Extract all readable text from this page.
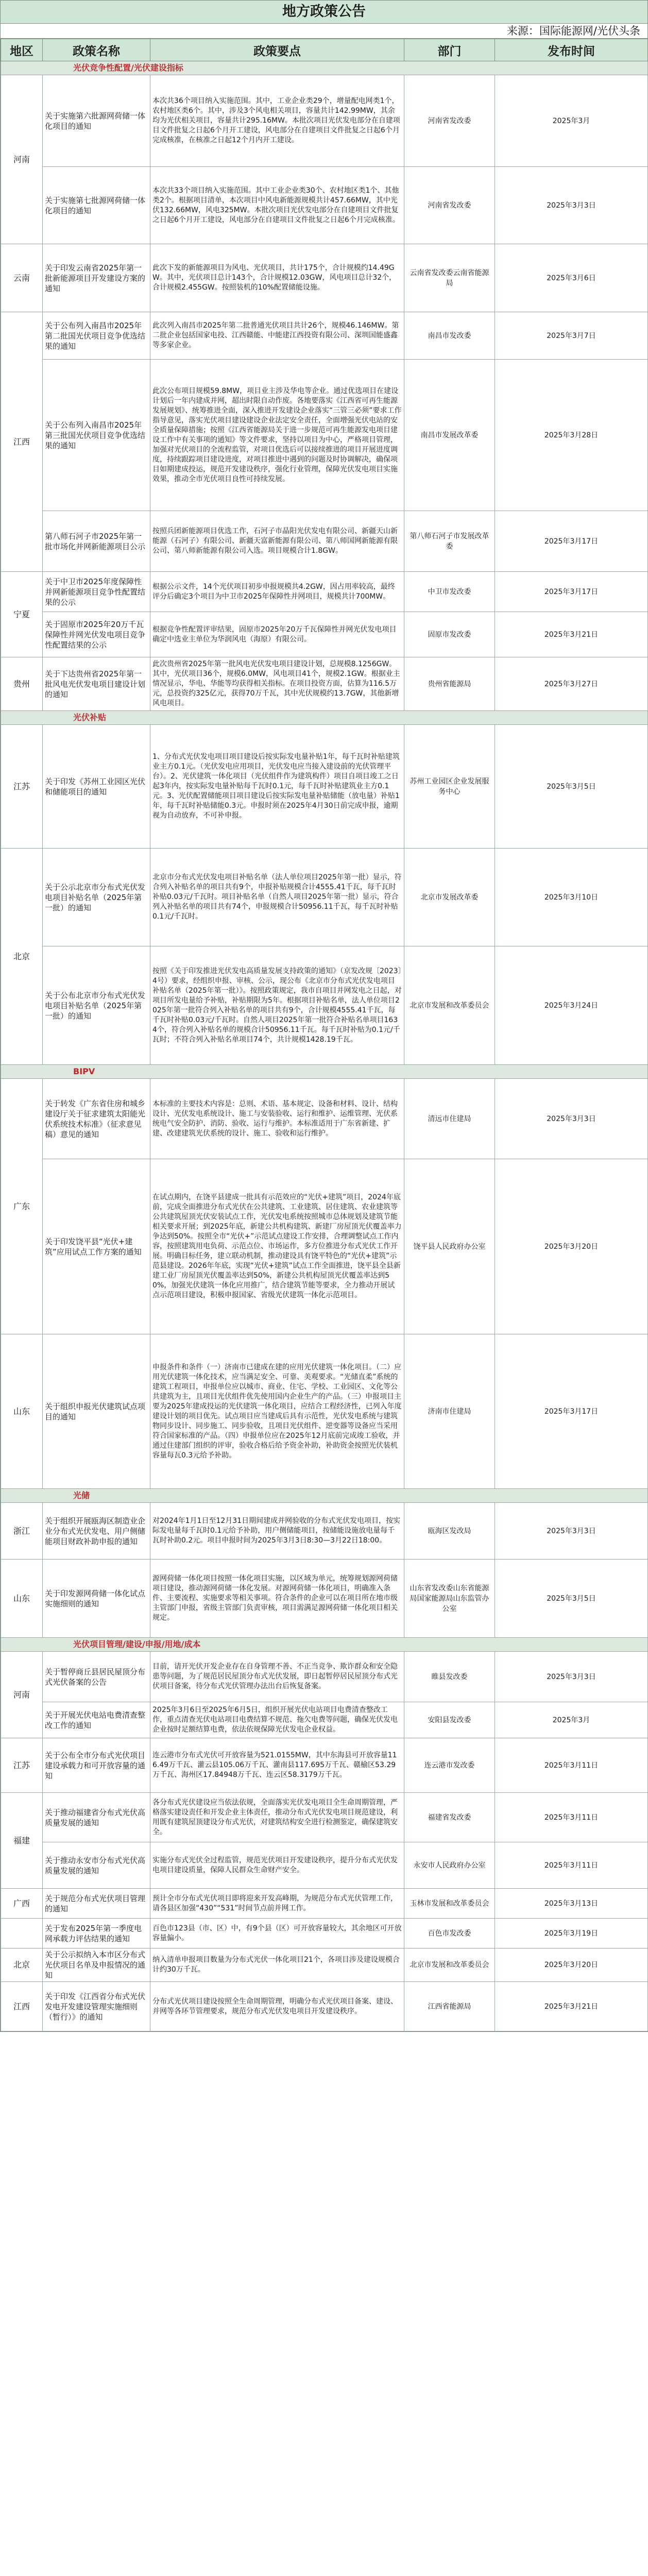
地方政策公告
来源：国际能源网/光伏头条
地区	政策名称	政策要点	部门	发布时间
光伏竞争性配置/光伏建设指标				
河南	关于实施第六批源网荷储一体化项目的通知	本次共36个项目纳入实施范围。其中，工业企业类29个，增量配电网类1个，农村地区类6个。其中，涉及3个风电相关项目，容量共计142.99MW，其余均为光伏相关项目，容量共计295.16MW。本批次项目光伏发电部分在自建项目文件批复之日起6个月开工建设，风电部分在自建项目文件批复之日起6个月完成核准，在核准之日起12个月内开工建设。	河南省发改委	2025年3月
	关于实施第七批源网荷储一体化项目的通知	本次共33个项目纳入实施范围。其中工业企业类30个、农村地区类1个、其他类2个。根据项目清单，本次项目中风电新能源规模共计457.66MW，其中光伏132.66MW，风电325MW。本批次项目光伏发电部分在自建项目文件批复之日起6个月开工建设，风电部分在自建项目文件批复之日起6个月完成核准。	河南省发改委	2025年3月3日
云南	关于印发云南省2025年第一批新能源项目开发建设方案的通知	此次下发的新能源项目为风电、光伏项目，共计175个，合计规模约14.49GW。其中，光伏项目总计143个，合计规模12.03GW，风电项目总计32个，合计规模2.455GW。按照装机的10%配置储能设施。	云南省发改委云南省能源局	2025年3月6日
江西	关于公布列入南昌市2025年第二批国光伏项目竞争优选结果的通知	此次列入南昌市2025年第二批普通光伏项目共计26个，规模46.146MW。第二批企业包括国家电投、江西赣能、中能建江西投资有限公司、深圳国能盛鑫等多家企业。	南昌市发改委	2025年3月7日
	关于公布列入南昌市2025年第三批国光伏项目竞争优选结果的通知	此次公布项目规模59.8MW，项目业主涉及华电等企业。通过优选项目在建设计划后一年内建成并网，超出时限自动作废。各地要落实《江西省可再生能源发展规划》、统筹推进全面，深入推进开发建设企业落实“三管三必须”要求工作指导意见，落实光伏项目建设建设企业法定安全责任，全面增强光伏电站的安全质量保障措施；按照《江西省能源局关于进一步规范可再生能源发电项目建设工作中有关事项的通知》等文件要求，坚持以项目为中心，严格项目管理，加强对光伏项目的全流程监管，对项目优选后可以接续推进的项目开展进度调度，持续跟踪项目建设进度，对项目推进中遇到的问题及时协调解决，确保项目如期建成投运，规范开发建设秩序，强化行业管理，保障光伏发电项目实施效果，推动全市光伏项目良性可持续发展。	南昌市发展改革委	2025年3月28日
	第八师石河子市2025年第一批市场化并网新能源项目公示	按照兵团新能源项目优选工作，石河子市晶阳光伏发电有限公司、新疆天山新能源（石河子）有限公司、新疆天富新能源有限公司、第八师国网新能源有限公司、第八师新能源有限公司入选。项目规模合计1.8GW。	第八师石河子市发展改革委	2025年3月17日
宁夏	关于中卫市2025年度保障性并网新能源项目竞争性配置结果的公示	根据公示文件，14个光伏项目初步申报规模共4.2GW，因占用率较高，最终评分后确定3个项目为中卫市2025年保障性并网项目，规模共计700MW。	中卫市发改委	2025年3月17日
	关于固原市2025年20万千瓦保障性并网光伏发电项目竞争性配置结果的公示	根据竞争性配置评审结果，固原市2025年20万千瓦保障性并网光伏发电项目确定中选业主单位为华润风电（海原）有限公司。	固原市发改委	2025年3月21日
贵州	关于下达贵州省2025年第一批风电光伏发电项目建设计划的通知	此次贵州省2025年第一批风电光伏发电项目建设计划，总规模8.1256GW。其中，光伏项目36个，规模6.0MW，风电项目41个，规模2.1GW。根据业主情况显示，华电、华能等均获得相关指标。在项目投资方面，估算为116.5万元，总投资约325亿元，获得70万千瓦，其中光伏规模约13.7GW，其他新增风电项目。	贵州省能源局	2025年3月27日
光伏补贴				
江苏	关于印发《苏州工业园区光伏和储能项目的通知	1、分布式光伏发电项目项目建设后按实际发电量补贴1年，每千瓦时补贴建筑业主方0.1元。（光伏发电应用项目，光伏发电应当接入建设前的光伏管理平台）。2、光伏建筑一体化项目（光伏组件作为建筑构件）项目自项目竣工之日起3年内，按实际发电量补贴每千瓦时0.1元，每千瓦时补贴建筑业主方0.1元。3、光伏配置储能项目项目建设后按实际发电量补贴储能（放电量）补贴1年，每千瓦时补贴储能0.3元。申报时须在2025年4月30日前完成申报，逾期视为自动放弃，不可补申报。	苏州工业园区企业发展服务中心	2025年3月5日
北京	关于公示北京市分布式光伏发电项目补贴名单（2025年第一批）的通知	北京市分布式光伏发电项目补贴名单（法人单位项目2025年第一批）显示，符合列入补贴名单的项目共有9个，申报补贴规模合计4555.41千瓦，每千瓦时补贴0.03元/千瓦时。项目补贴名单（自然人项目2025年第一批）显示，符合列入补贴名单的项目共有74个，申报规模合计50956.11千瓦，每千瓦时补贴0.1元/千瓦时。	北京市发展改革委	2025年3月10日
	关于公布北京市分布式光伏发电项目补贴名单（2025年第一批）的通知	按照《关于印发推进光伏发电高质量发展支持政策的通知》（京发改规〔2023〕4号）要求，经组织申报、审核、公示，现公布《北京市分布式光伏发电项目补贴名单（2025年第一批）》。按照政策规定，我市自项目并网发电之日起，对项目所发电量给予补贴，补贴期限为5年。根据项目补贴名单，法人单位项目2025年第一批符合列入补贴名单的项目共有9个，合计规模4555.41千瓦，每千瓦时补贴0.03元/千瓦时。自然人项目2025年第一批符合补贴名单项目1634个，符合列入补贴名单的规模合计50956.11千瓦。每千瓦时补贴为0.1元/千瓦时；不符合列入补贴名单项目74个，共计规模1428.19千瓦。	北京市发展和改革委员会	2025年3月24日
BIPV				
广东	关于转发《广东省住房和城乡建设厅关于征求建筑太阳能光伏系统技术标准》（征求意见稿）意见的通知	本标准的主要技术内容是：总则、术语、基本规定、设备和材料、设计、结构设计、光伏发电系统设计、施工与安装验收、运行和维护、运维管理、光伏系统电气安全防护、消防、验收、运行与维护。本标准适用于广东省新建、扩建、改建建筑光伏系统的设计、施工、验收和运行维护。	清远市住建局	2025年3月3日
	关于印发饶平县“光伏+建筑”应用试点工作方案的通知	在试点期内，在饶平县建成一批具有示范效应的“光伏+建筑”项目，2024年底前，完成全面推进分布式光伏在公共建筑、工业建筑、居住建筑、农业建筑等公共建筑屋顶光伏安装试点工作，光伏发电系统按照城市总体规划及建筑节能相关要求开展；到2025年底，新建公共机构建筑、新建厂房屋顶光伏覆盖率力争达到50%。按照全市“光伏+”示范试点建设工作安排，合理调整试点工作内容，按照建筑用电负荷、示范点位、市场运作，多方位推进分布式光伏工作开展。明确目标任务，建立联动机制，推动建设具有饶平特色的“光伏+建筑”示范县建设。2026年年底，实现“光伏+建筑”试点工作全面推进，饶平县全县新建工业厂房屋顶光伏覆盖率达到50%，新建公共机构屋顶光伏覆盖率达到50%，加强光伏建筑一体化应用推广，结合建筑节能等要求，全力推动开展试点示范项目建设，积极申报国家、省级光伏建筑一体化示范项目。	饶平县人民政府办公室	2025年3月20日
山东	关于组织申报光伏建筑试点项目的通知	申报条件和条件（一）济南市已建成在建的应用光伏建筑一体化项目。（二）应用光伏建筑一体化技术，应当满足安全、可靠、美观要求。“光储直柔”系统的建筑工程项目，申报单位应以城市、商业、住宅、学校、工业园区、文化等公共建筑为主，且项目光伏组件优先使用国内企业生产的产品。（三）申报项目主要为2025年建成投运的光伏建筑一体化项目，应结合工程经济性，已列入年度建设计划的项目优先。试点项目应当建成后具有示范性，光伏发电系统与建筑物同步设计、同步施工、同步验收，且项目光伏组件、逆变器等设备应当采用符合国家标准的产品。（四）申报单位应在2025年12月底前完成竣工验收，并通过住建部门组织的评审，验收合格后给予资金补助，补助资金按照光伏装机容量每瓦0.3元给予补助。	济南市住建局	2025年3月17日
光储				
浙江	关于组织开展瓯海区制造业企业分布式光伏发电、用户侧储能项目财政补助申报的通知	对2024年1月1日至12月31日期间建成并网验收的分布式光伏发电项目，按实际发电量每千瓦时0.1元给予补助，用户侧储能项目，按储能设施放电量每千瓦时补助0.2元。项目申报时间为2025年3月3日8:30—3月22日18:00。	瓯海区发改局	2025年3月3日
山东	关于印发源网荷储一体化试点实施细则的通知	源网荷储一体化项目按照一体化项目实施，以区域为单元，统筹规划源网荷储项目建设，推动源网荷储一体化发展。对源网荷储一体化项目，明确准入条件、主要流程、实施要求等相关事项。符合条件的企业可以在项目所在地市级主管部门申报，省级主管部门负责审核，项目需满足源网荷储一体化项目相关规定。	山东省发改委山东省能源局国家能源局山东监管办公室	2025年3月5日
光伏项目管理/建设/申报/用地/成本				
河南	关于暂停商丘县居民屋顶分布式光伏备案的公告	目前，请开光伏开发企业存在自身管理不善、不正当竞争、欺诈群众和安全隐患等问题，为了规范居民屋顶分布式光伏发展，即日起暂停居民屋顶分布式光伏项目备案，待分布式光伏管理办法出台后恢复备案。	睢县发改委	2025年3月3日
	关于开展光伏电站电费清查整改工作的通知	2025年3月6日至2025年6月5日，组织开展光伏电站项目电费清查整改工作，重点清查光伏电站项目电费结算不规范、拖欠电费等问题，确保光伏发电企业按时足额结算电费，依法依规保障光伏发电企业权益。	安阳县发改委	2025年3月
江苏	关于公布全市分布式光伏项目建设承载力和可开放容量的通知	连云港市分布式光伏可开放容量为521.0155MW，其中东海县可开放容量116.49万千瓦、灌云县105.06万千瓦、灌南县117.695万千瓦、赣榆区53.29万千瓦、海州区17.84948万千瓦、连云区58.3179万千瓦。	连云港市发改委	2025年3月11日
福建	关于推动福建省分布式光伏高质量发展的通知	各分布式光伏建设应当依法依规，全面落实光伏发电项目全生命周期管理，严格落实建设责任和开发企业主体责任，推动分布式光伏发电项目规范建设，利用既有建筑屋顶建设分布式光伏，对建筑结构安全进行检测鉴定，确保建筑安全。	福建省发改委	2025年3月11日
	关于推动永安市分布式光伏高质量发展的通知	实施分布式光伏全过程监管，规范光伏项目开发建设秩序，提升分布式光伏发电项目建设质量，保障人民群众生命财产安全。	永安市人民政府办公室	2025年3月11日
广西	关于规范分布式光伏项目管理的通知	预计全市分布式光伏项目即将迎来开发高峰期，为规范分布式光伏管理工作，请各县区加强“430”“531”时间节点前并网工作。	玉林市发展和改革委员会	2025年3月13日
	关于发布2025年第一季度电网承载力评估结果的通知	百色市123县（市、区）中，有9个县（区）可开放容量较大，其余地区可开放容量偏小。	百色市发改委	2025年3月19日
北京	关于公示拟纳入本市区分布式光伏项目名单及申报情况的通知	纳入清单申报项目数量为分布式光伏一体化项目21个，各项目涉及建设规模合计约30万千瓦。	北京市发展和改革委员会	2025年3月20日
江西	关于印发《江西省分布式光伏发电开发建设管理实施细则（暂行）》的通知	分布式光伏项目建设按照全生命周期管理，明确分布式光伏项目备案、建设、并网等各环节管理要求，规范分布式光伏发电项目开发建设秩序。	江西省能源局	2025年3月21日
